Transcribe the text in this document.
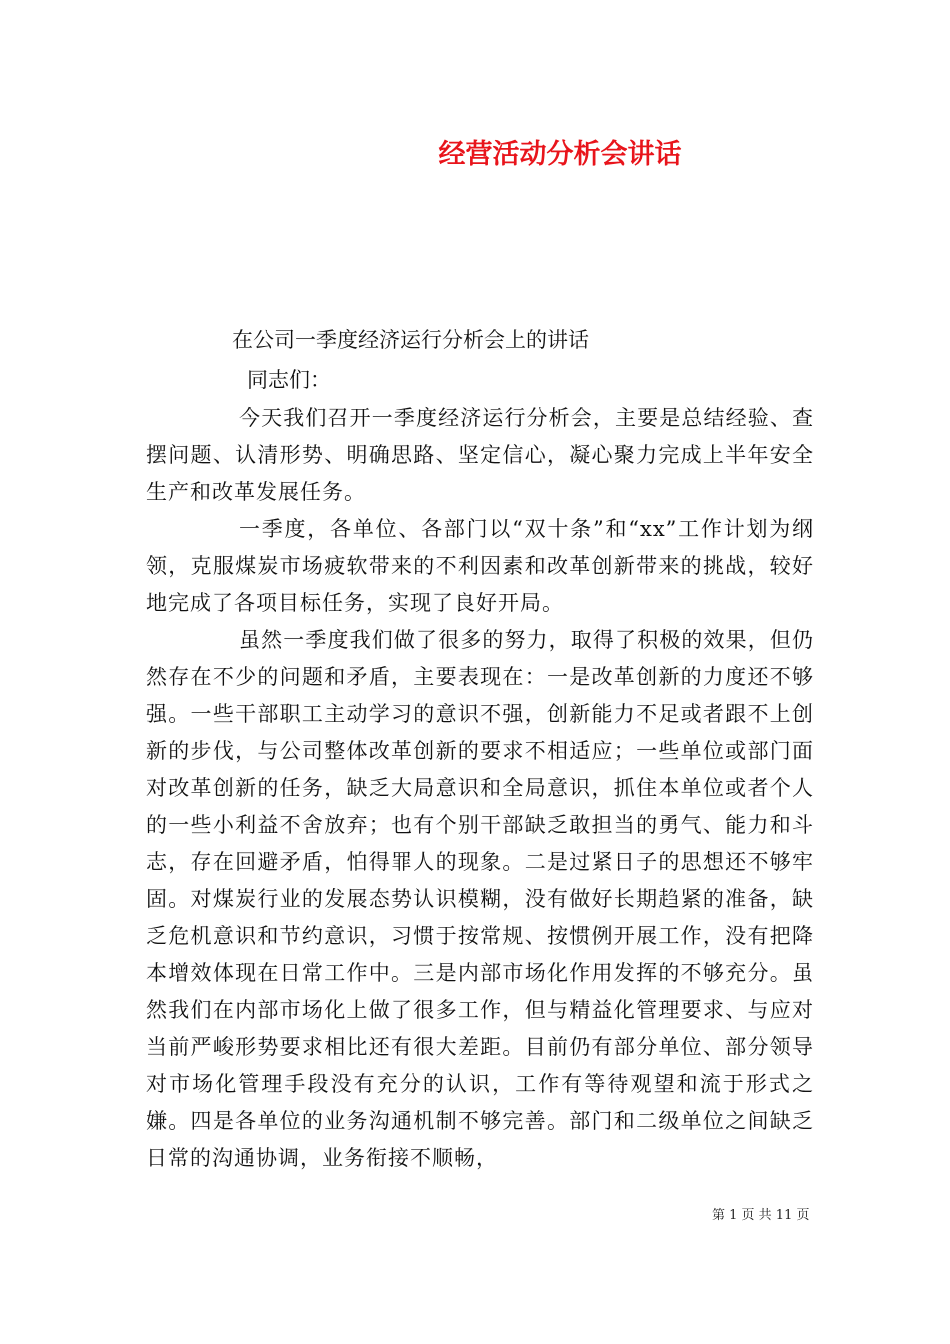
经营活动分析会讲话
在公司一季度经济运行分析会上的讲话
同志们：

今天我们召开一季度经济运行分析会，主要是总结经验、查摆问题、认清形势、明确思路、坚定信心，凝心聚力完成上半年安全生产和改革发展任务。

一季度，各单位、各部门以“双十条”和“xx”工作计划为纲领，克服煤炭市场疲软带来的不利因素和改革创新带来的挑战，较好地完成了各项目标任务，实现了良好开局。

虽然一季度我们做了很多的努力，取得了积极的效果，但仍然存在不少的问题和矛盾，主要表现在：一是改革创新的力度还不够强。一些干部职工主动学习的意识不强，创新能力不足或者跟不上创新的步伐，与公司整体改革创新的要求不相适应；一些单位或部门面对改革创新的任务，缺乏大局意识和全局意识，抓住本单位或者个人的一些小利益不舍放弃；也有个别干部缺乏敢担当的勇气、能力和斗志，存在回避矛盾，怕得罪人的现象。二是过紧日子的思想还不够牢固。对煤炭行业的发展态势认识模糊，没有做好长期趋紧的准备，缺乏危机意识和节约意识，习惯于按常规、按惯例开展工作，没有把降本增效体现在日常工作中。三是内部市场化作用发挥的不够充分。虽然我们在内部市场化上做了很多工作，但与精益化管理要求、与应对当前严峻形势要求相比还有很大差距。目前仍有部分单位、部分领导对市场化管理手段没有充分的认识，工作有等待观望和流于形式之嫌。四是各单位的业务沟通机制不够完善。部门和二级单位之间缺乏日常的沟通协调，业务衔接不顺畅，

第 1 页 共 11 页
